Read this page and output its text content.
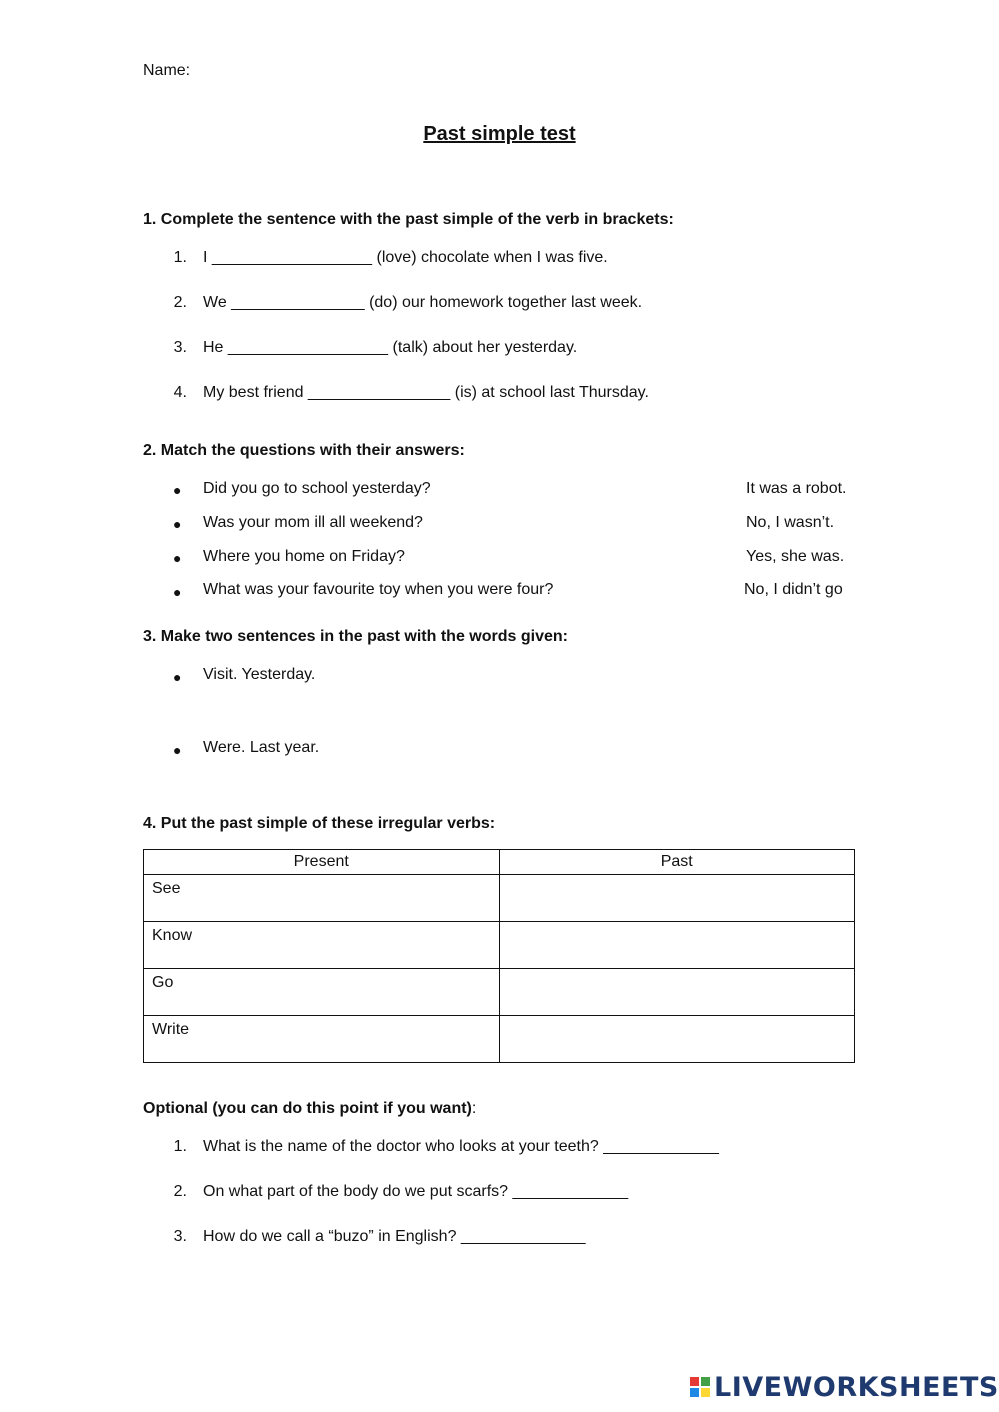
Name:
Past simple test
1. Complete the sentence with the past simple of the verb in brackets:
1. I __________________ (love) chocolate when I was five.
2. We _______________ (do) our homework together last week.
3. He __________________ (talk) about her yesterday.
4. My best friend ________________ (is) at school last Thursday.
2. Match the questions with their answers:
● Did you go to school yesterday?	It was a robot.
● Was your mom ill all weekend?	No, I wasn’t.
● Where you home on Friday?	Yes, she was.
● What was your favourite toy when you were four?	No, I didn’t go
3. Make two sentences in the past with the words given:
● Visit. Yesterday.
● Were. Last year.
4. Put the past simple of these irregular verbs:
Present	Past
See	
Know	
Go	
Write	
Optional (you can do this point if you want):
1. What is the name of the doctor who looks at your teeth? _____________
2. On what part of the body do we put scarfs? _____________
3. How do we call a “buzo” in English? ______________
LIVEWORKSHEETS
